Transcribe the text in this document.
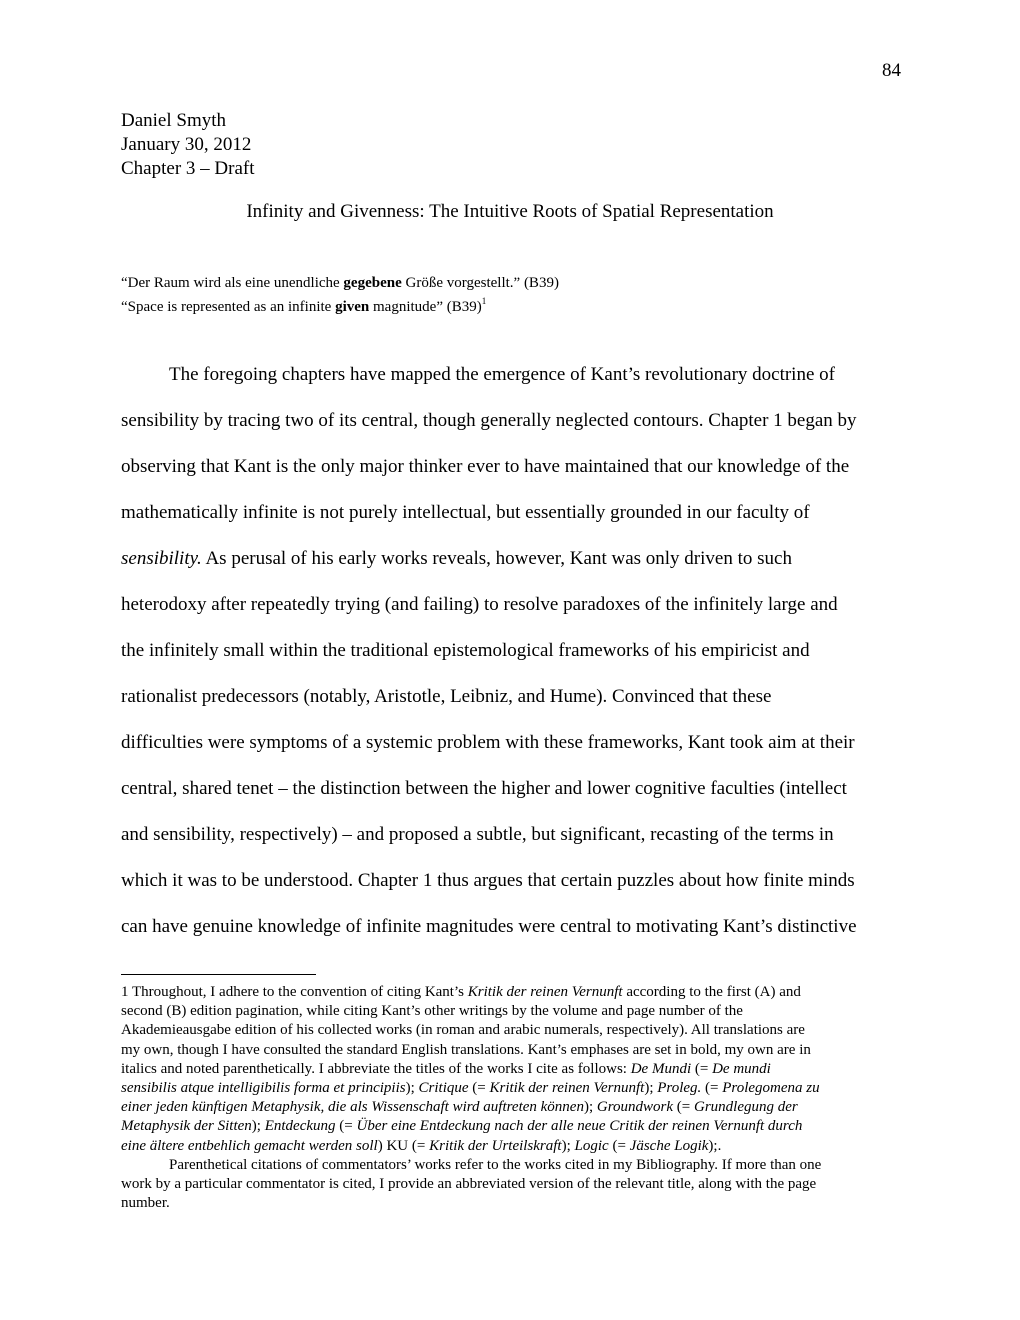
84
Daniel Smyth
January 30, 2012
Chapter 3 – Draft
Infinity and Givenness: The Intuitive Roots of Spatial Representation
“Der Raum wird als eine unendliche gegebene Größe vorgestellt.” (B39)
“Space is represented as an infinite given magnitude” $(B39)^1$
The foregoing chapters have mapped the emergence of Kant’s revolutionary doctrine of
sensibility by tracing two of its central, though generally neglected contours. Chapter 1 began by
observing that Kant is the only major thinker ever to have maintained that our knowledge of the
mathematically infinite is not purely intellectual, but essentially grounded in our faculty of
sensibility. As perusal of his early works reveals, however, Kant was only driven to such
heterodoxy after repeatedly trying (and failing) to resolve paradoxes of the infinitely large and
the infinitely small within the traditional epistemological frameworks of his empiricist and
rationalist predecessors (notably, Aristotle, Leibniz, and Hume). Convinced that these
difficulties were symptoms of a systemic problem with these frameworks, Kant took aim at their
central, shared tenet – the distinction between the higher and lower cognitive faculties (intellect
and sensibility, respectively) – and proposed a subtle, but significant, recasting of the terms in
which it was to be understood. Chapter 1 thus argues that certain puzzles about how finite minds
can have genuine knowledge of infinite magnitudes were central to motivating Kant’s distinctive
1 Throughout, I adhere to the convention of citing Kant’s Kritik der reinen Vernunft according to the first (A) and
second (B) edition pagination, while citing Kant’s other writings by the volume and page number of the
Akademieausgabe edition of his collected works (in roman and arabic numerals, respectively). All translations are
my own, though I have consulted the standard English translations. Kant’s emphases are set in bold, my own are in
italics and noted parenthetically. I abbreviate the titles of the works I cite as follows: De Mundi (= De mundi
sensibilis atque intelligibilis forma et principiis); Critique (= Kritik der reinen Vernunft); Proleg. (= Prolegomena zu
einer jeden künftigen Metaphysik, die als Wissenschaft wird auftreten können); Groundwork (= Grundlegung der
Metaphysik der Sitten); Entdeckung (= Über eine Entdeckung nach der alle neue Critik der reinen Vernunft durch
eine ältere entbehlich gemacht werden soll) KU (= Kritik der Urteilskraft); Logic (= Jäsche Logik);.
Parenthetical citations of commentators’ works refer to the works cited in my Bibliography. If more than one
work by a particular commentator is cited, I provide an abbreviated version of the relevant title, along with the page
number.
